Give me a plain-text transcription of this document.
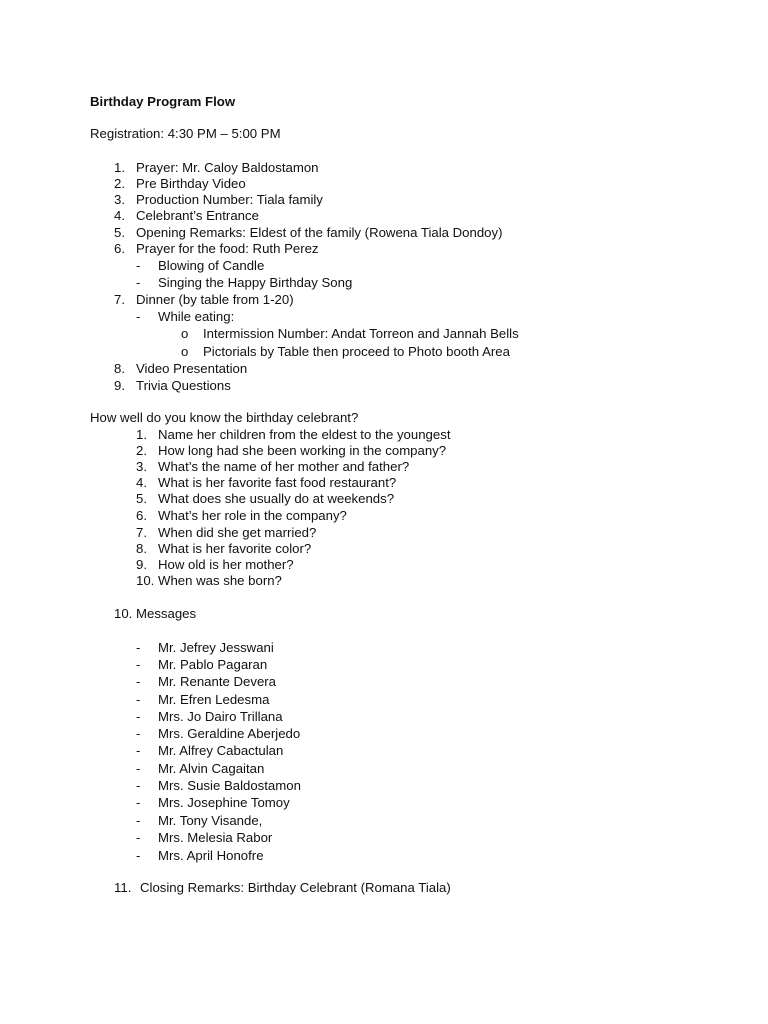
Birthday Program Flow
Registration: 4:30 PM – 5:00 PM
1. Prayer: Mr. Caloy Baldostamon
2. Pre Birthday Video
3. Production Number: Tiala family
4. Celebrant’s Entrance
5. Opening Remarks: Eldest of the family (Rowena Tiala Dondoy)
6. Prayer for the food: Ruth Perez
- Blowing of Candle
- Singing the Happy Birthday Song
7. Dinner (by table from 1-20)
- While eating:
o Intermission Number: Andat Torreon and Jannah Bells
o Pictorials by Table then proceed to Photo booth Area
8. Video Presentation
9. Trivia Questions
How well do you know the birthday celebrant?
1. Name her children from the eldest to the youngest
2. How long had she been working in the company?
3. What’s the name of her mother and father?
4. What is her favorite fast food restaurant?
5. What does she usually do at weekends?
6. What’s her role in the company?
7. When did she get married?
8. What is her favorite color?
9. How old is her mother?
10. When was she born?
10. Messages
- Mr. Jefrey Jesswani
- Mr. Pablo Pagaran
- Mr. Renante Devera
- Mr. Efren Ledesma
- Mrs. Jo Dairo Trillana
- Mrs. Geraldine Aberjedo
- Mr. Alfrey Cabactulan
- Mr. Alvin Cagaitan
- Mrs. Susie Baldostamon
- Mrs. Josephine Tomoy
- Mr. Tony Visande,
- Mrs. Melesia Rabor
- Mrs. April Honofre
11. Closing Remarks: Birthday Celebrant (Romana Tiala)
